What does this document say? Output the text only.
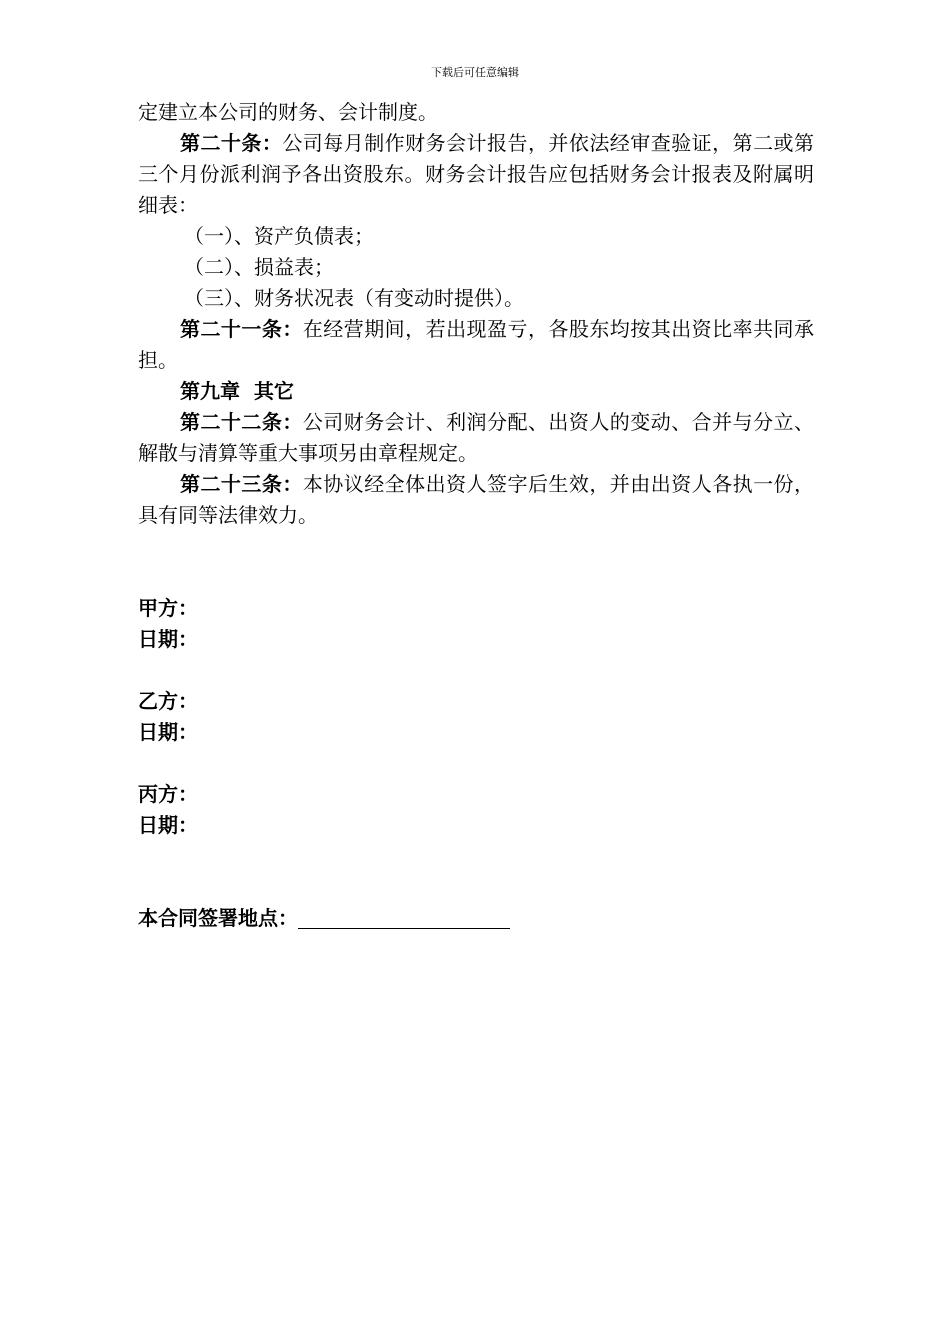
下载后可任意编辑

定建立本公司的财务、会计制度。

第二十条：公司每月制作财务会计报告，并依法经审查验证，第二或第三个月份派利润予各出资股东。财务会计报告应包括财务会计报表及附属明细表：

（一）、资产负债表；

（二）、损益表；

（三）、财务状况表（有变动时提供）。

第二十一条：在经营期间，若出现盈亏，各股东均按其出资比率共同承担。

第九章  其它

第二十二条：公司财务会计、利润分配、出资人的变动、合并与分立、解散与清算等重大事项另由章程规定。

第二十三条：本协议经全体出资人签字后生效，并由出资人各执一份，具有同等法律效力。

甲方：

日期：

乙方：

日期：

丙方：

日期：

本合同签署地点：
